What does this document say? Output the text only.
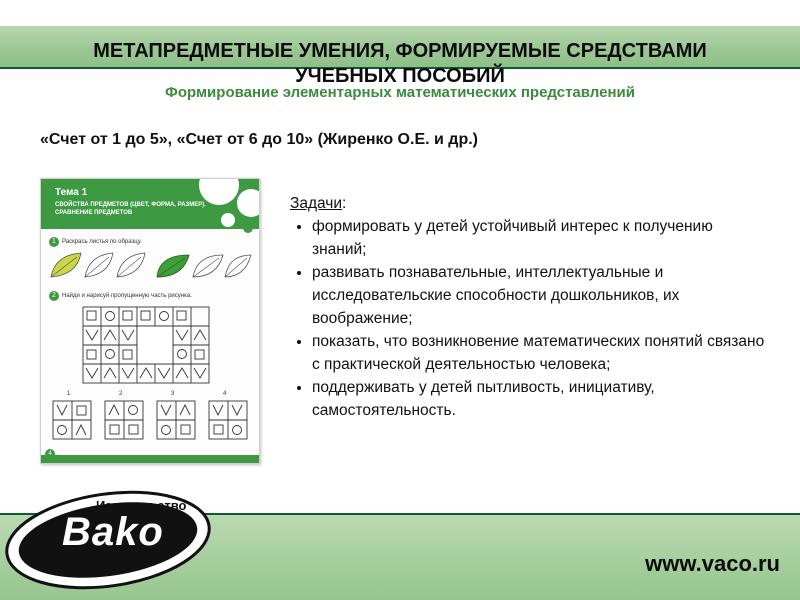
МЕТАПРЕДМЕТНЫЕ УМЕНИЯ, ФОРМИРУЕМЫЕ СРЕДСТВАМИ УЧЕБНЫХ ПОСОБИЙ
Формирование элементарных математических представлений
«Счет от 1 до 5», «Счет от 6 до 10» (Жиренко О.Е. и др.)
Тема 1
СВОЙСТВА ПРЕДМЕТОВ (ЦВЕТ, ФОРМА, РАЗМЕР). СРАВНЕНИЕ ПРЕДМЕТОВ
1 Раскрась листья по образцу.
2 Найди и нарисуй пропущенную часть рисунка.
1	2	3	4
4
Задачи:
• формировать у детей устойчивый интерес к получению знаний;
• развивать познавательные, интеллектуальные и исследовательские способности дошкольников, их воображение;
• показать, что возникновение математических понятий связано с практической деятельностью человека;
• поддерживать у детей пытливость, инициативу, самостоятельность.
Издательство
Bako
www.vaco.ru
